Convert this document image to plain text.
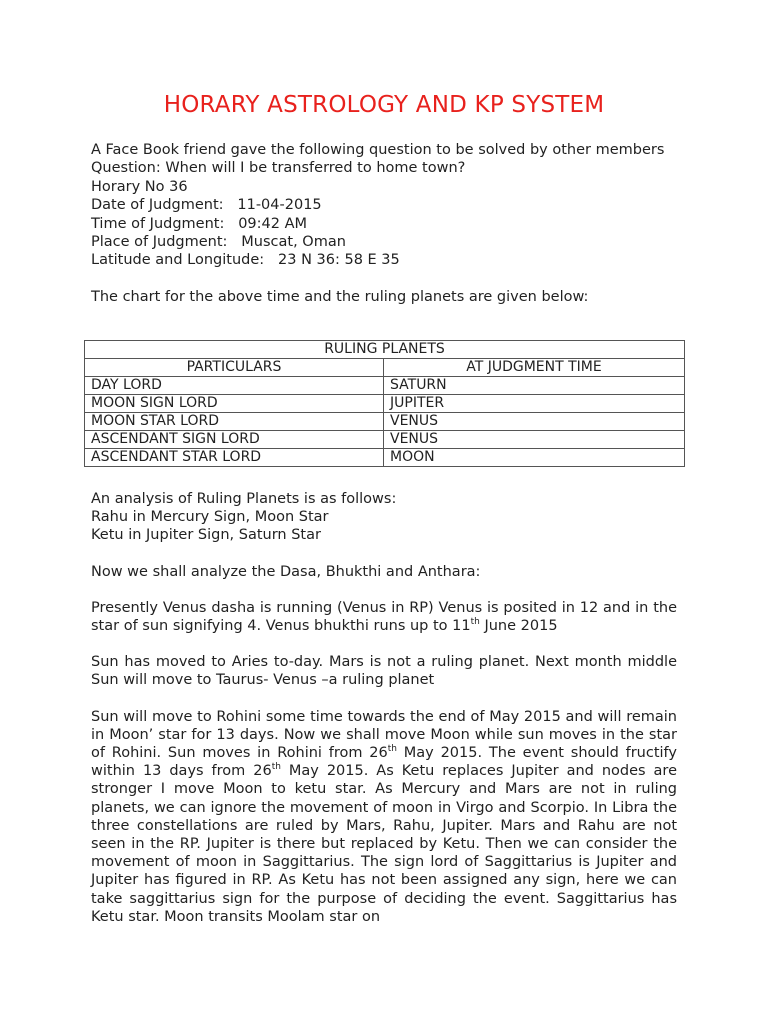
HORARY ASTROLOGY AND KP SYSTEM

A Face Book friend gave the following question to be solved by other members

Question: When will I be transferred to home town?

Horary No 36

Date of Judgment: 11-04-2015

Time of Judgment: 09:42 AM

Place of Judgment: Muscat, Oman

Latitude and Longitude: 23 N 36: 58 E 35

The chart for the above time and the ruling planets are given below:

RULING PLANETS	
PARTICULARS	AT JUDGMENT TIME
DAY LORD	SATURN
MOON SIGN LORD	JUPITER
MOON STAR LORD	VENUS
ASCENDANT SIGN LORD	VENUS
ASCENDANT STAR LORD	MOON

An analysis of Ruling Planets is as follows:

Rahu in Mercury Sign, Moon Star

Ketu in Jupiter Sign, Saturn Star

Now we shall analyze the Dasa, Bhukthi and Anthara:

Presently Venus dasha is running (Venus in RP) Venus is posited in 12 and in the star of sun signifying 4. Venus bhukthi runs up to 11th June 2015

Sun has moved to Aries to-day. Mars is not a ruling planet. Next month middle Sun will move to Taurus- Venus –a ruling planet

Sun will move to Rohini some time towards the end of May 2015 and will remain in Moon’ star for 13 days. Now we shall move Moon while sun moves in the star of Rohini. Sun moves in Rohini from 26th May 2015. The event should fructify within 13 days from 26th May 2015. As Ketu replaces Jupiter and nodes are stronger I move Moon to ketu star. As Mercury and Mars are not in ruling planets, we can ignore the movement of moon in Virgo and Scorpio. In Libra the three constellations are ruled by Mars, Rahu, Jupiter. Mars and Rahu are not seen in the RP. Jupiter is there but replaced by Ketu. Then we can consider the movement of moon in Saggittarius. The sign lord of Saggittarius is Jupiter and Jupiter has figured in RP. As Ketu has not been assigned any sign, here we can take saggittarius sign for the purpose of deciding the event. Saggittarius has Ketu star. Moon transits Moolam star on
